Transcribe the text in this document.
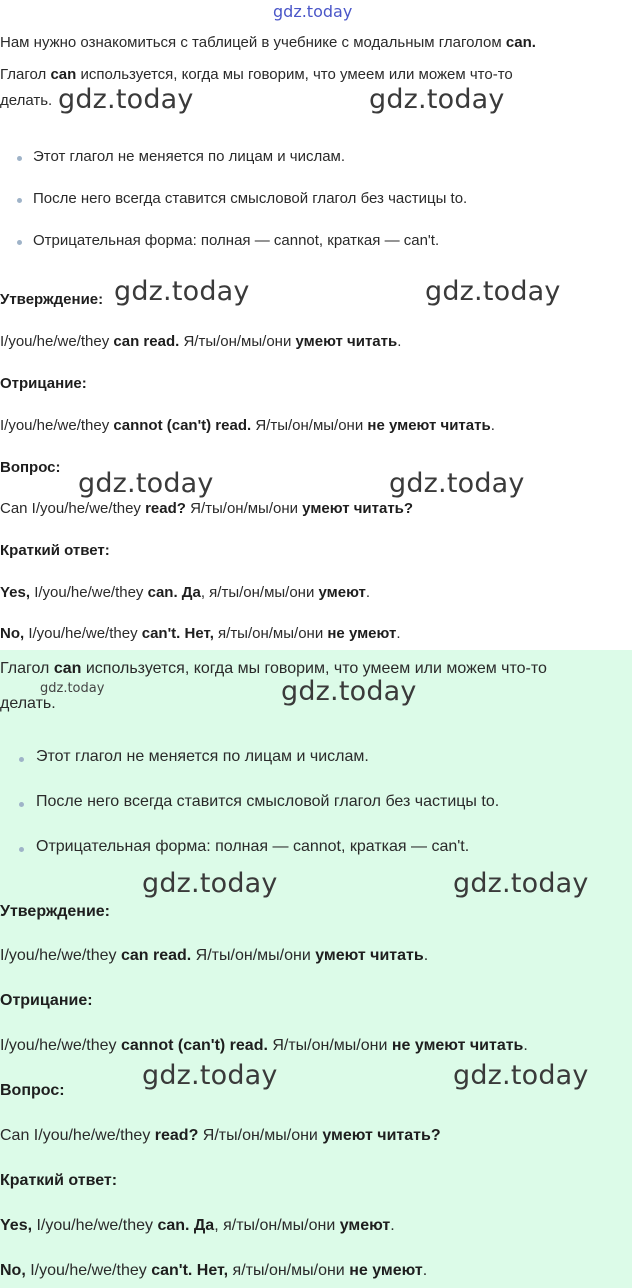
Нам нужно ознакомиться с таблицей в учебнике с модальным глаголом can.
Глагол can используется, когда мы говорим, что умеем или можем что-то
делать.
Этот глагол не меняется по лицам и числам.
После него всегда ставится смысловой глагол без частицы to.
Отрицательная форма: полная — cannot, краткая — can't.
Утверждение:
I/you/he/we/they can read. Я/ты/он/мы/они умеют читать.
Отрицание:
I/you/he/we/they cannot (can't) read. Я/ты/он/мы/они не умеют читать.
Вопрос:
Can I/you/he/we/they read? Я/ты/он/мы/они умеют читать?
Краткий ответ:
Yes, I/you/he/we/they can. Да, я/ты/он/мы/они умеют.
No, I/you/he/we/they can't. Нет, я/ты/он/мы/они не умеют.
Глагол can используется, когда мы говорим, что умеем или можем что-то
делать.
Этот глагол не меняется по лицам и числам.
После него всегда ставится смысловой глагол без частицы to.
Отрицательная форма: полная — cannot, краткая — can't.
Утверждение:
I/you/he/we/they can read. Я/ты/он/мы/они умеют читать.
Отрицание:
I/you/he/we/they cannot (can't) read. Я/ты/он/мы/они не умеют читать.
Вопрос:
Can I/you/he/we/they read? Я/ты/он/мы/они умеют читать?
Краткий ответ:
Yes, I/you/he/we/they can. Да, я/ты/он/мы/они умеют.
No, I/you/he/we/they can't. Нет, я/ты/он/мы/они не умеют.
gdz.today
gdz.today	gdz.today
gdz.today	gdz.today
gdz.today	gdz.today
gdz.today	gdz.today
gdz.today	gdz.today
gdz.today	gdz.today
